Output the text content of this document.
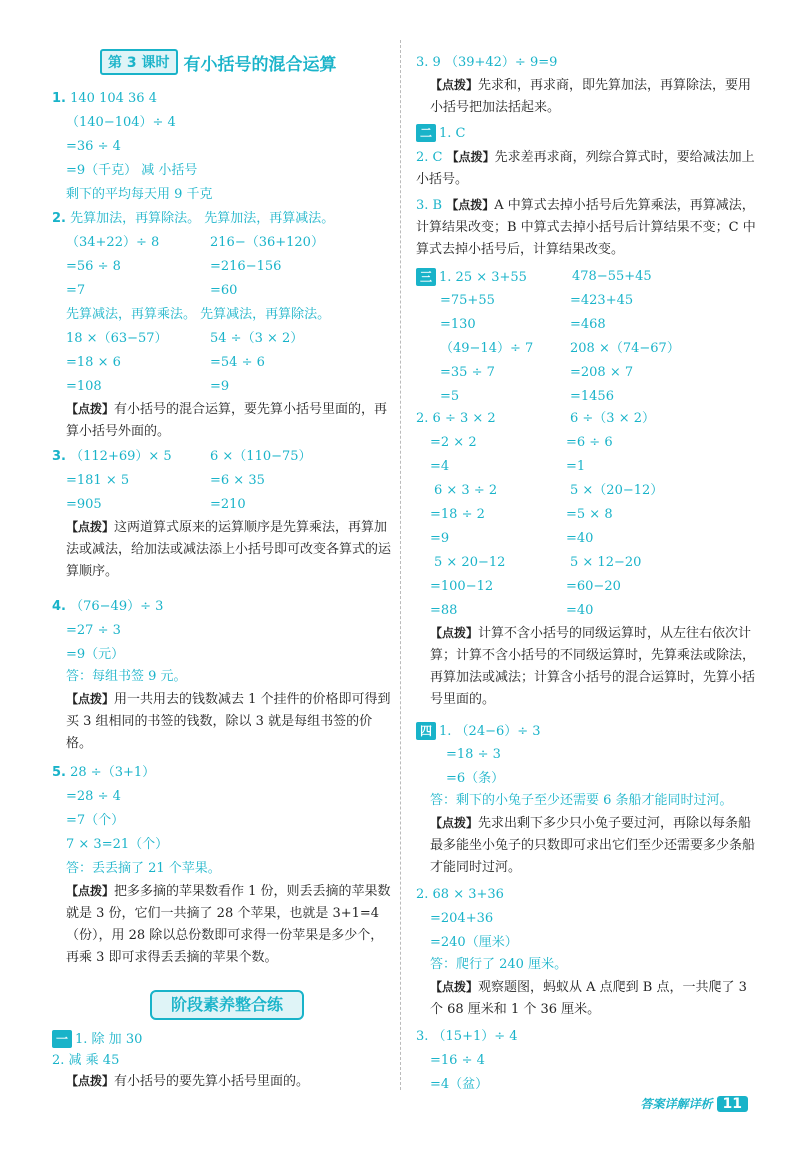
第 3 课时 有小括号的混合运算
1. 140 104 36 4
（140−104）÷ 4
=36 ÷ 4
=9（千克） 减 小括号
剩下的平均每天用 9 千克
2. 先算加法，再算除法。 先算加法，再算减法。
（34+22）÷ 8	216−（36+120）
=56 ÷ 8	=216−156
=7	=60
先算减法，再算乘法。 先算减法，再算除法。
18 ×（63−57）	54 ÷（3 × 2）
=18 × 6	=54 ÷ 6
=108	=9
【点拨】有小括号的混合运算，要先算小括号里面的，再算小括号外面的。
3. （112+69）× 5	6 ×（110−75）
=181 × 5	=6 × 35
=905	=210
【点拨】这两道算式原来的运算顺序是先算乘法，再算加法或减法，给加法或减法添上小括号即可改变各算式的运算顺序。
4. （76−49）÷ 3
=27 ÷ 3
=9（元）
答：每组书签 9 元。
【点拨】用一共用去的钱数减去 1 个挂件的价格即可得到买 3 组相同的书签的钱数，除以 3 就是每组书签的价格。
5. 28 ÷（3+1）
=28 ÷ 4
=7（个）
7 × 3=21（个）
答：丢丢摘了 21 个苹果。
【点拨】把多多摘的苹果数看作 1 份，则丢丢摘的苹果数就是 3 份，它们一共摘了 28 个苹果，也就是 3+1=4（份），用 28 除以总份数即可求得一份苹果是多少个，再乘 3 即可求得丢丢摘的苹果个数。
阶段素养整合练
一 1. 除 加 30
2. 减 乘 45
【点拨】有小括号的要先算小括号里面的。
3. 9 （39+42）÷ 9=9
【点拨】先求和，再求商，即先算加法，再算除法，要用小括号把加法括起来。
二 1. C
2. C 【点拨】先求差再求商，列综合算式时，要给减法加上小括号。
3. B 【点拨】A 中算式去掉小括号后先算乘法，再算减法，计算结果改变；B 中算式去掉小括号后计算结果不变；C 中算式去掉小括号后，计算结果改变。
三 1. 25 × 3+55	478−55+45
=75+55	=423+45
=130	=468
（49−14）÷ 7	208 ×（74−67）
=35 ÷ 7	=208 × 7
=5	=1456
2. 6 ÷ 3 × 2	6 ÷（3 × 2）
=2 × 2	=6 ÷ 6
=4	=1
6 × 3 ÷ 2	5 ×（20−12）
=18 ÷ 2	=5 × 8
=9	=40
5 × 20−12	5 × 12−20
=100−12	=60−20
=88	=40
【点拨】计算不含小括号的同级运算时，从左往右依次计算；计算不含小括号的不同级运算时，先算乘法或除法，再算加法或减法；计算含小括号的混合运算时，先算小括号里面的。
四 1. （24−6）÷ 3
=18 ÷ 3
=6（条）
答：剩下的小兔子至少还需要 6 条船才能同时过河。
【点拨】先求出剩下多少只小兔子要过河，再除以每条船最多能坐小兔子的只数即可求出它们至少还需要多少条船才能同时过河。
2. 68 × 3+36
=204+36
=240（厘米）
答：爬行了 240 厘米。
【点拨】观察题图，蚂蚁从 A 点爬到 B 点，一共爬了 3 个 68 厘米和 1 个 36 厘米。
3. （15+1）÷ 4
=16 ÷ 4
=4（盆）
答案详解详析 11
